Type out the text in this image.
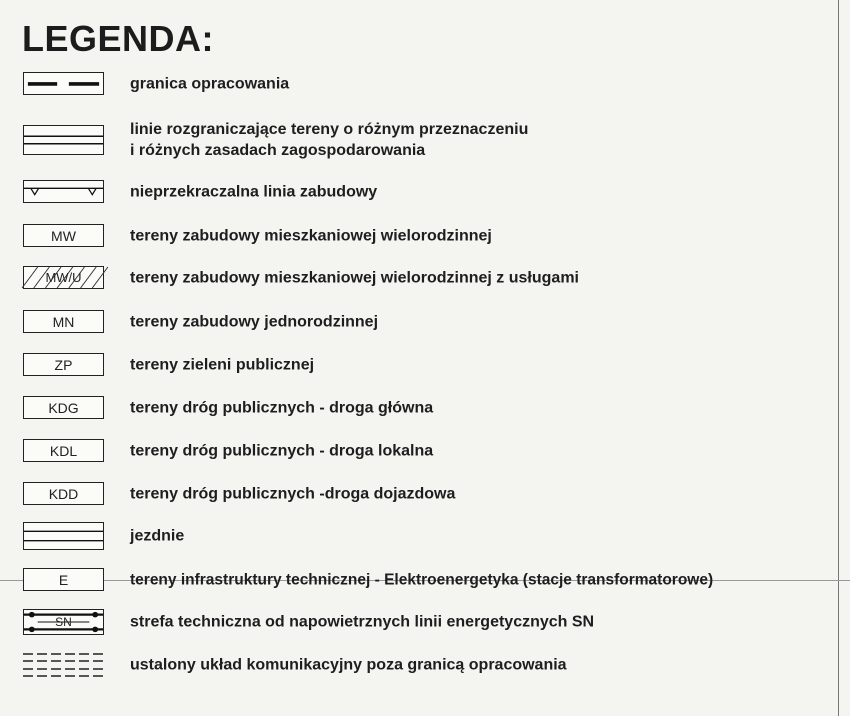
LEGENDA:
granica opracowania
linie rozgraniczające tereny o różnym przeznaczeniu
i różnych zasadach zagospodarowania
nieprzekraczalna linia zabudowy
MW	tereny zabudowy mieszkaniowej wielorodzinnej
MW/U	tereny zabudowy mieszkaniowej wielorodzinnej z usługami
MN	tereny zabudowy jednorodzinnej
ZP	tereny zieleni publicznej
KDG	tereny dróg publicznych - droga główna
KDL	tereny dróg publicznych - droga lokalna
KDD	tereny dróg publicznych -droga dojazdowa
jezdnie
E	tereny infrastruktury technicznej - Elektroenergetyka (stacje transformatorowe)
SN	strefa techniczna od napowietrznych linii energetycznych SN
ustalony układ komunikacyjny poza granicą opracowania
